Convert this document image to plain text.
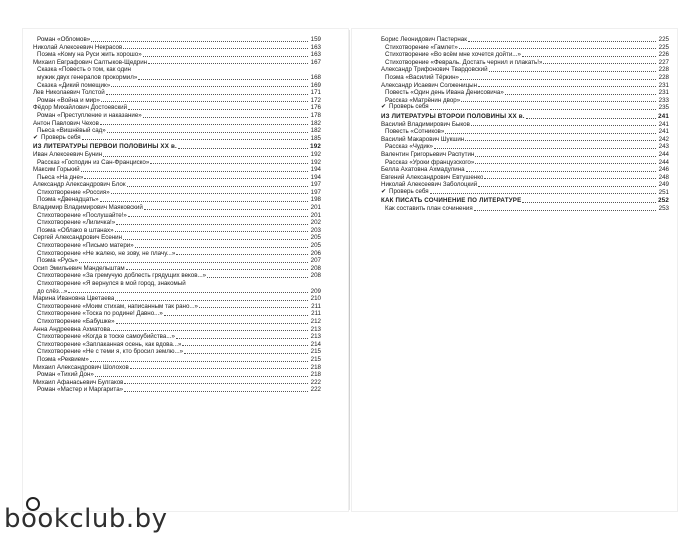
Роман «Обломов»	159
Николай Алексеевич Некрасов	163
Поэма «Кому на Руси жить хорошо»	163
Михаил Евграфович Салтыков-Щедрин	167
Сказка «Повесть о том, как один
мужик двух генералов прокормил»	168
Сказка «Дикий помещик»	169
Лев Николаевич Толстой	171
Роман «Война и мир»	172
Фёдор Михайлович Достоевский	176
Роман «Преступление и наказание»	178
Антон Павлович Чехов	182
Пьеса «Вишнёвый сад»	182
✔ Проверь себя	185
ИЗ ЛИТЕРАТУРЫ ПЕРВОЙ ПОЛОВИНЫ XX в.	192
Иван Алексеевич Бунин	192
Рассказ «Господин из Сан-Франциско»	192
Максим Горький	194
Пьеса «На дне»	194
Александр Александрович Блок	197
Стихотворение «Россия»	197
Поэма «Двенадцать»	198
Владимир Владимирович Маяковский	201
Стихотворение «Послушайте!»	201
Стихотворение «Лиличка!»	202
Поэма «Облако в штанах»	203
Сергей Александрович Есенин	205
Стихотворение «Письмо матери»	205
Стихотворение «Не жалею, не зову, не плачу...»	206
Поэма «Русь»	207
Осип Эмильевич Мандельштам	208
Стихотворение «За гремучую доблесть грядущих веков...»	208
Стихотворение «Я вернулся в мой город, знакомый
до слёз...»	209
Марина Ивановна Цветаева	210
Стихотворение «Моим стихам, написанным так рано...»	211
Стихотворение «Тоска по родине! Давно...»	211
Стихотворение «Бабушке»	212
Анна Андреевна Ахматова	213
Стихотворение «Когда в тоске самоубийства...»	213
Стихотворение «Заплаканная осень, как вдова...»	214
Стихотворение «Не с теми я, кто бросил землю...»	215
Поэма «Реквием»	215
Михаил Александрович Шолохов	218
Роман «Тихий Дон»	218
Михаил Афанасьевич Булгаков	222
Роман «Мастер и Маргарита»	222
Борис Леонидович Пастернак	225
Стихотворение «Гамлет»	225
Стихотворение «Во всём мне хочется дойти...»	226
Стихотворение «Февраль. Достать чернил и плакать!»	227
Александр Трифонович Твардовский	228
Поэма «Василий Тёркин»	228
Александр Исаевич Солженицын	231
Повесть «Один день Ивана Денисовича»	231
Рассказ «Матрёнин двор»	233
✔ Проверь себя	235
ИЗ ЛИТЕРАТУРЫ ВТОРОЙ ПОЛОВИНЫ XX в.	241
Василий Владимирович Быков	241
Повесть «Сотников»	241
Василий Макарович Шукшин	242
Рассказ «Чудик»	243
Валентин Григорьевич Распутин	244
Рассказ «Уроки французского»	244
Белла Ахатовна Ахмадулина	246
Евгений Александрович Евтушенко	248
Николай Алексеевич Заболоцкий	249
✔ Проверь себя	251
КАК ПИСАТЬ СОЧИНЕНИЕ ПО ЛИТЕРАТУРЕ	252
Как составить план сочинения	253
bookclub.by
